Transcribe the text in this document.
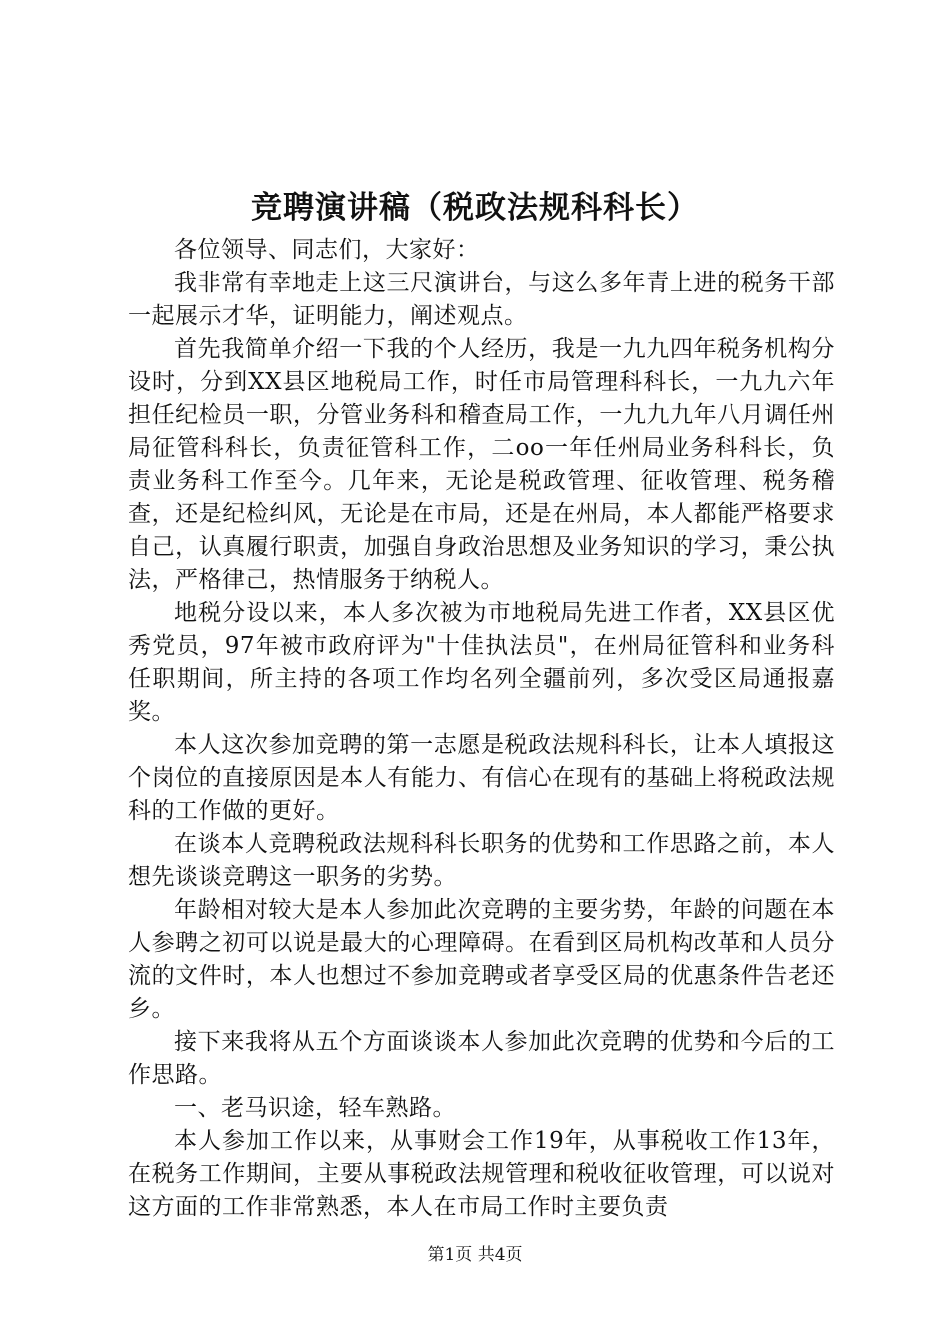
竞聘演讲稿（税政法规科科长）

各位领导、同志们，大家好：

我非常有幸地走上这三尺演讲台，与这么多年青上进的税务干部一起展示才华，证明能力，阐述观点。

首先我简单介绍一下我的个人经历，我是一九九四年税务机构分设时，分到XX县区地税局工作，时任市局管理科科长，一九九六年担任纪检员一职，分管业务科和稽查局工作，一九九九年八月调任州局征管科科长，负责征管科工作，二oo一年任州局业务科科长，负责业务科工作至今。几年来，无论是税政管理、征收管理、税务稽查，还是纪检纠风，无论是在市局，还是在州局，本人都能严格要求自己，认真履行职责，加强自身政治思想及业务知识的学习，秉公执法，严格律己，热情服务于纳税人。

地税分设以来，本人多次被为市地税局先进工作者，XX县区优秀党员，97年被市政府评为"十佳执法员"，在州局征管科和业务科任职期间，所主持的各项工作均名列全疆前列，多次受区局通报嘉奖。

本人这次参加竞聘的第一志愿是税政法规科科长，让本人填报这个岗位的直接原因是本人有能力、有信心在现有的基础上将税政法规科的工作做的更好。

在谈本人竞聘税政法规科科长职务的优势和工作思路之前，本人想先谈谈竞聘这一职务的劣势。

年龄相对较大是本人参加此次竞聘的主要劣势，年龄的问题在本人参聘之初可以说是最大的心理障碍。在看到区局机构改革和人员分流的文件时，本人也想过不参加竞聘或者享受区局的优惠条件告老还乡。

接下来我将从五个方面谈谈本人参加此次竞聘的优势和今后的工作思路。

一、老马识途，轻车熟路。

本人参加工作以来，从事财会工作19年，从事税收工作13年，在税务工作期间，主要从事税政法规管理和税收征收管理，可以说对这方面的工作非常熟悉，本人在市局工作时主要负责

第1页 共4页
